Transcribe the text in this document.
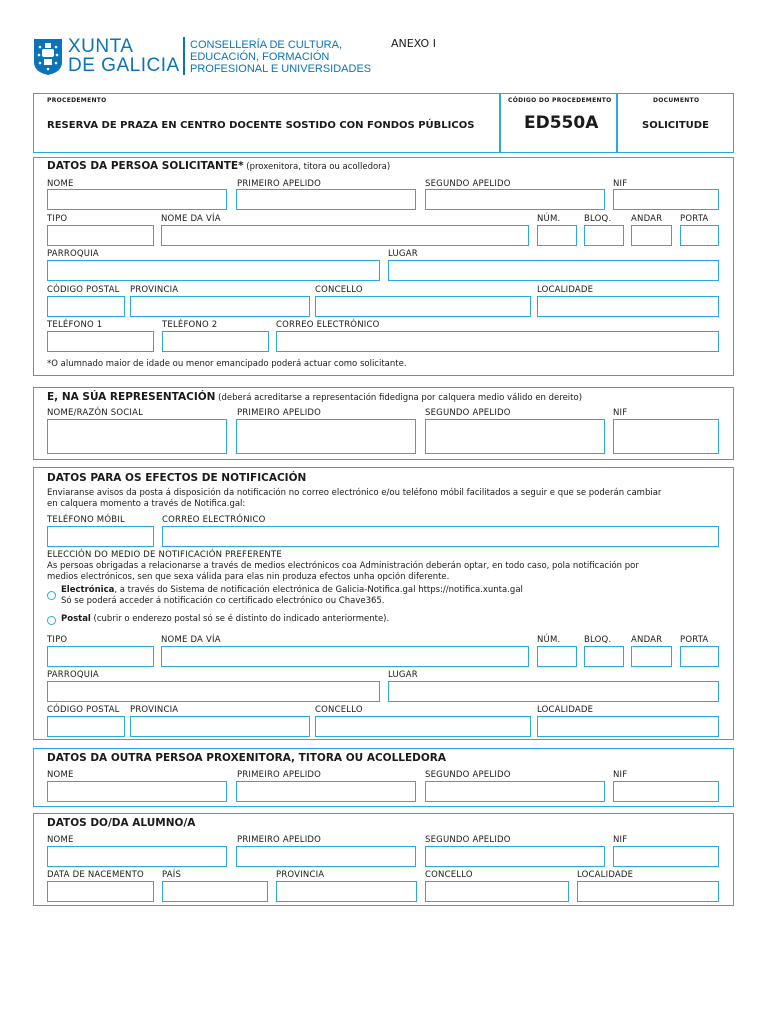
XUNTA
DE GALICIA
CONSELLERÍA DE CULTURA,
EDUCACIÓN, FORMACIÓN
PROFESIONAL E UNIVERSIDADES
ANEXO I
PROCEDEMENTO
RESERVA DE PRAZA EN CENTRO DOCENTE SOSTIDO CON FONDOS PÚBLICOS
CÓDIGO DO PROCEDEMENTO
ED550A
DOCUMENTO
SOLICITUDE
DATOS DA PERSOA SOLICITANTE* (proxenitora, titora ou acolledora)
NOME	PRIMEIRO APELIDO	SEGUNDO APELIDO	NIF
TIPO	NOME DA VÍA	NÚM.	BLOQ. ANDAR PORTA
PARROQUIA	LUGAR
CÓDIGO POSTAL PROVINCIA	CONCELLO	LOCALIDADE
TELÉFONO 1	TELÉFONO 2	CORREO ELECTRÓNICO
*O alumnado maior de idade ou menor emancipado poderá actuar como solicitante.
E, NA SÚA REPRESENTACIÓN (deberá acreditarse a representación fidedigna por calquera medio válido en dereito)
NOME/RAZÓN SOCIAL	PRIMEIRO APELIDO	SEGUNDO APELIDO	NIF
DATOS PARA OS EFECTOS DE NOTIFICACIÓN
Enviaranse avisos da posta á disposición da notificación no correo electrónico e/ou teléfono móbil facilitados a seguir e que se poderán cambiar
en calquera momento a través de Notifica.gal:
TELÉFONO MÓBIL	CORREO ELECTRÓNICO
ELECCIÓN DO MEDIO DE NOTIFICACIÓN PREFERENTE
As persoas obrigadas a relacionarse a través de medios electrónicos coa Administración deberán optar, en todo caso, pola notificación por
medios electrónicos, sen que sexa válida para elas nin produza efectos unha opción diferente.
Electrónica, a través do Sistema de notificación electrónica de Galicia-Notifica.gal https://notifica.xunta.gal
Só se poderá acceder á notificación co certificado electrónico ou Chave365.
Postal (cubrir o enderezo postal só se é distinto do indicado anteriormente).
TIPO	NOME DA VÍA	NÚM.	BLOQ. ANDAR PORTA
PARROQUIA	LUGAR
CÓDIGO POSTAL PROVINCIA	CONCELLO	LOCALIDADE
DATOS DA OUTRA PERSOA PROXENITORA, TITORA OU ACOLLEDORA
NOME	PRIMEIRO APELIDO	SEGUNDO APELIDO	NIF
DATOS DO/DA ALUMNO/A
NOME	PRIMEIRO APELIDO	SEGUNDO APELIDO	NIF
DATA DE NACEMENTO PAÍS	PROVINCIA	CONCELLO	LOCALIDADE
